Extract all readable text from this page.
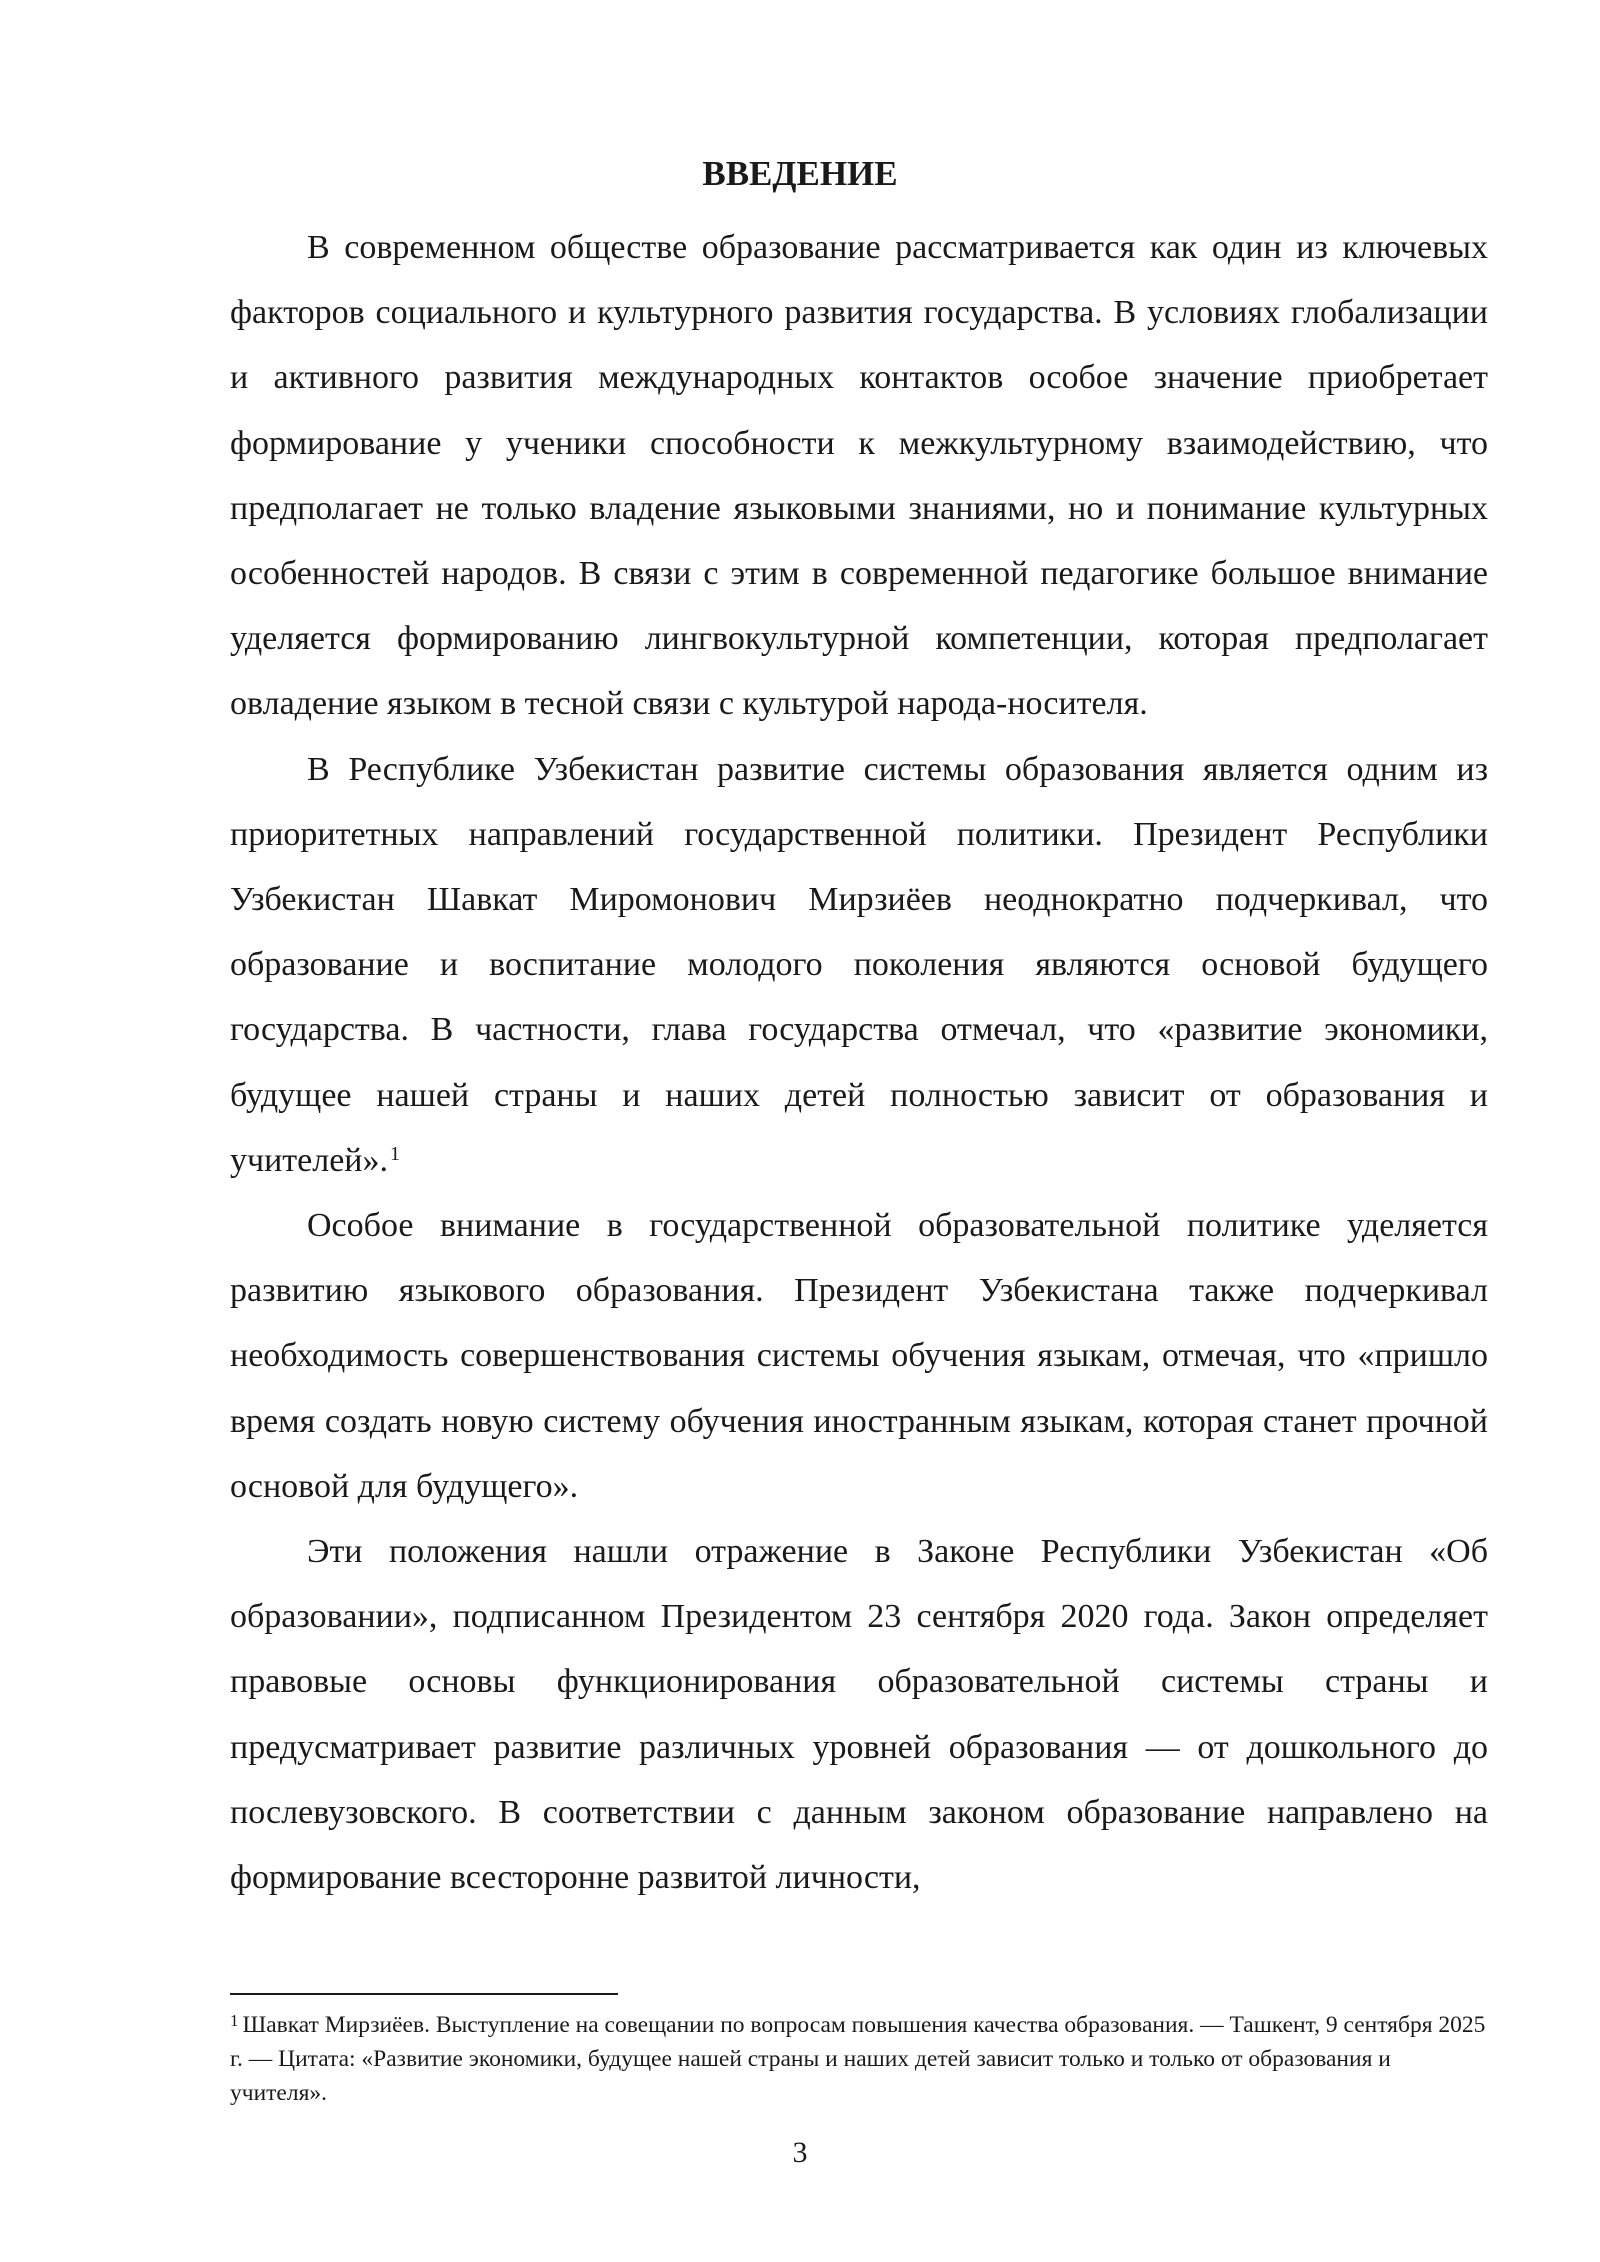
ВВЕДЕНИЕ

В современном обществе образование рассматривается как один из ключевых факторов социального и культурного развития государства. В условиях глобализации и активного развития международных контактов особое значение приобретает формирование у ученики способности к межкультурному взаимодействию, что предполагает не только владение языковыми знаниями, но и понимание культурных особенностей народов. В связи с этим в современной педагогике большое внимание уделяется формированию лингвокультурной компетенции, которая предполагает овладение языком в тесной связи с культурой народа-носителя.

В Республике Узбекистан развитие системы образования является одним из приоритетных направлений государственной политики. Президент Республики Узбекистан Шавкат Миромонович Мирзиёев неоднократно подчеркивал, что образование и воспитание молодого поколения являются основой будущего государства. В частности, глава государства отмечал, что «развитие экономики, будущее нашей страны и наших детей полностью зависит от образования и учителей». $^1$

Особое внимание в государственной образовательной политике уделяется развитию языкового образования. Президент Узбекистана также подчеркивал необходимость совершенствования системы обучения языкам, отмечая, что «пришло время создать новую систему обучения иностранным языкам, которая станет прочной основой для будущего».

Эти положения нашли отражение в Законе Республики Узбекистан «Об образовании», подписанном Президентом 23 сентября 2020 года. Закон определяет правовые основы функционирования образовательной системы страны и предусматривает развитие различных уровней образования — от дошкольного до послевузовского. В соответствии с данным законом образование направлено на формирование всесторонне развитой личности,

$^1$ Шавкат Мирзиёев. Выступление на совещании по вопросам повышения качества образования. — Ташкент, 9 сентября 2025 г. — Цитата: «Развитие экономики, будущее нашей страны и наших детей зависит только и только от образования и учителя».
3
